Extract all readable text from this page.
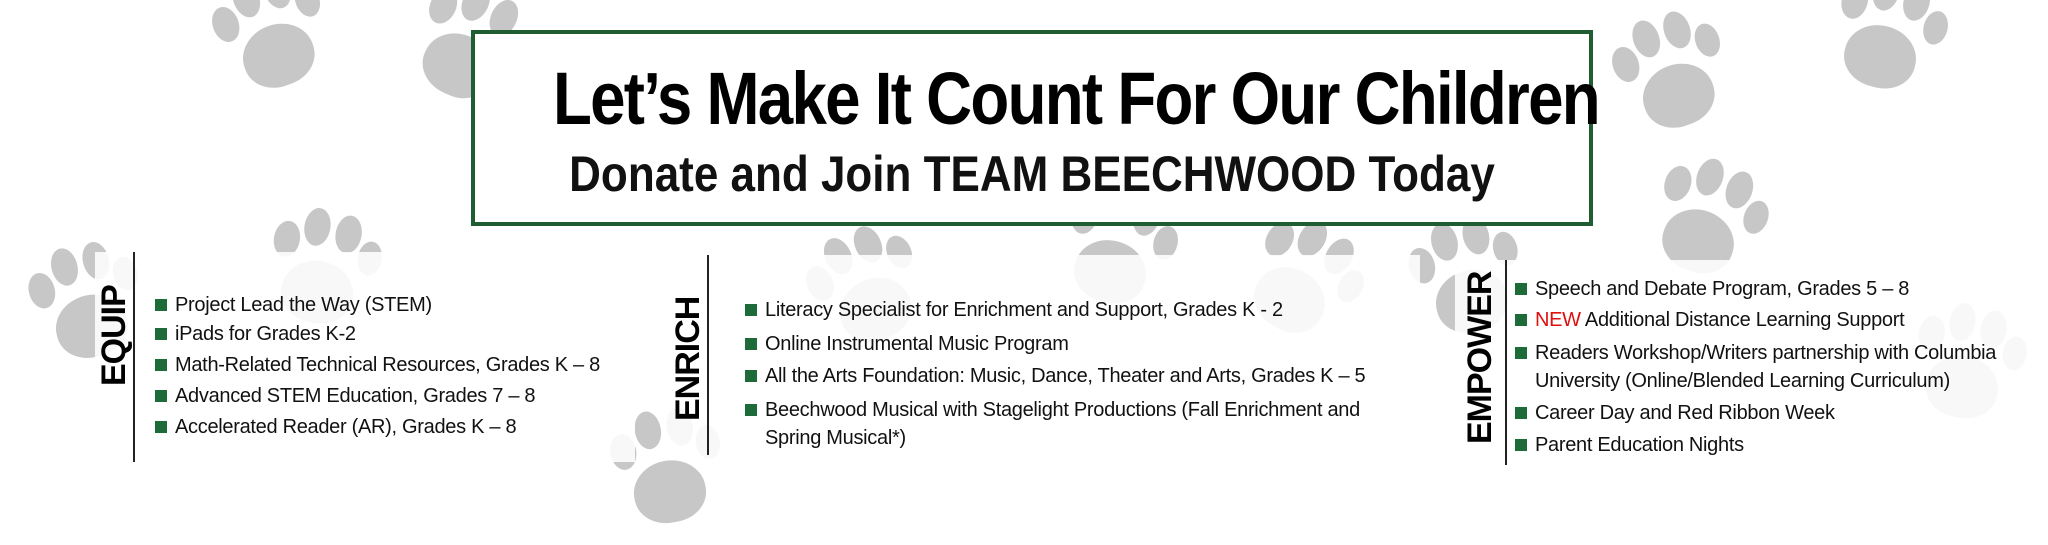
Let’s Make It Count For Our Children
Donate and Join TEAM BEECHWOOD Today
EQUIP	Project Lead the Way (STEM)
iPads for Grades K-2
Math-Related Technical Resources, Grades K – 8
Advanced STEM Education, Grades 7 – 8
Accelerated Reader (AR), Grades K – 8
ENRICH	Literacy Specialist for Enrichment and Support, Grades K - 2
Online Instrumental Music Program
All the Arts Foundation: Music, Dance, Theater and Arts, Grades K – 5
Beechwood Musical with Stagelight Productions (Fall Enrichment and
Spring Musical*)	EMPOWER	Speech and Debate Program, Grades 5 – 8
NEW Additional Distance Learning Support
Readers Workshop/Writers partnership with Columbia
University (Online/Blended Learning Curriculum)
Career Day and Red Ribbon Week
Parent Education Nights
